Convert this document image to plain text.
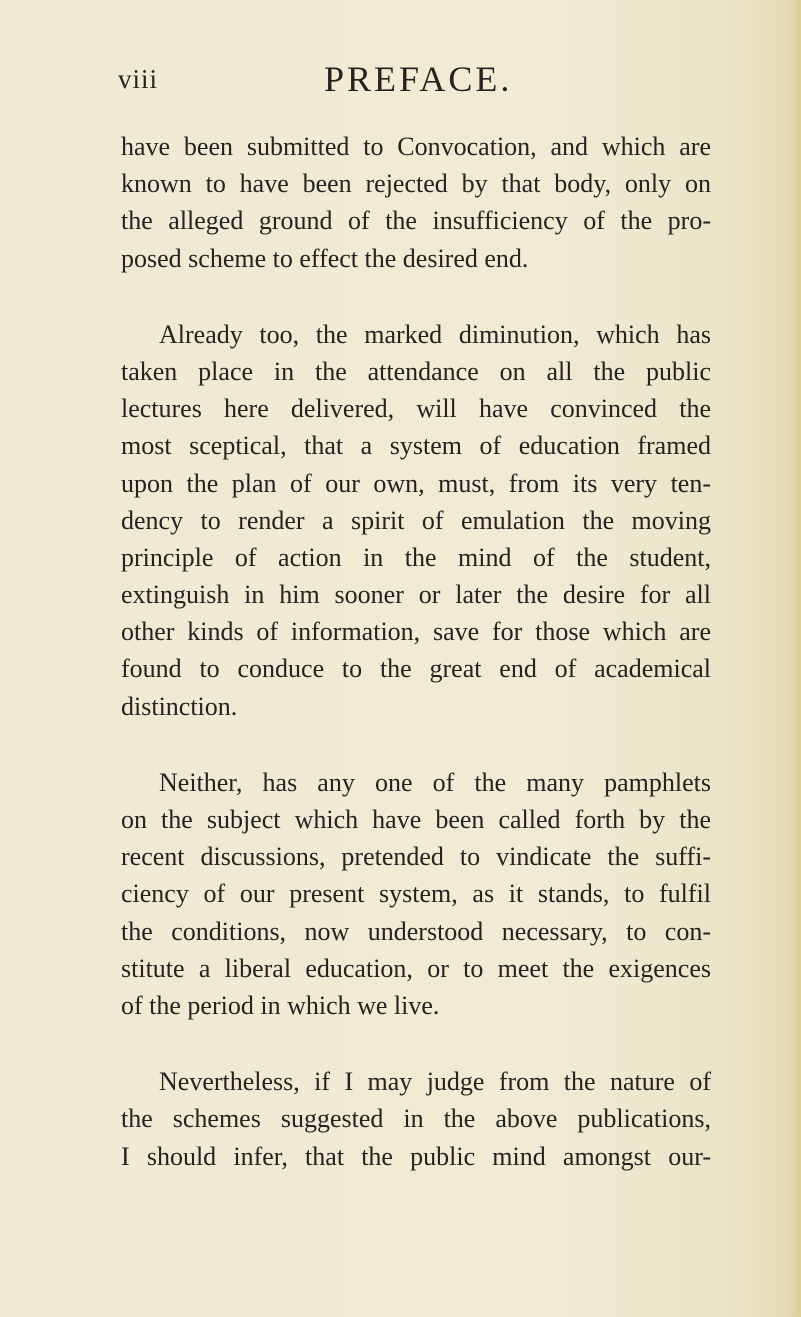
viii	PREFACE.
have been submitted to Convocation, and which are
known to have been rejected by that body, only on
the alleged ground of the insufficiency of the pro-
posed scheme to effect the desired end.
Already too, the marked diminution, which has
taken place in the attendance on all the public
lectures here delivered, will have convinced the
most sceptical, that a system of education framed
upon the plan of our own, must, from its very ten-
dency to render a spirit of emulation the moving
principle of action in the mind of the student,
extinguish in him sooner or later the desire for all
other kinds of information, save for those which are
found to conduce to the great end of academical
distinction.
Neither, has any one of the many pamphlets
on the subject which have been called forth by the
recent discussions, pretended to vindicate the suffi-
ciency of our present system, as it stands, to fulfil
the conditions, now understood necessary, to con-
stitute a liberal education, or to meet the exigences
of the period in which we live.
Nevertheless, if I may judge from the nature of
the schemes suggested in the above publications,
I should infer, that the public mind amongst our-
